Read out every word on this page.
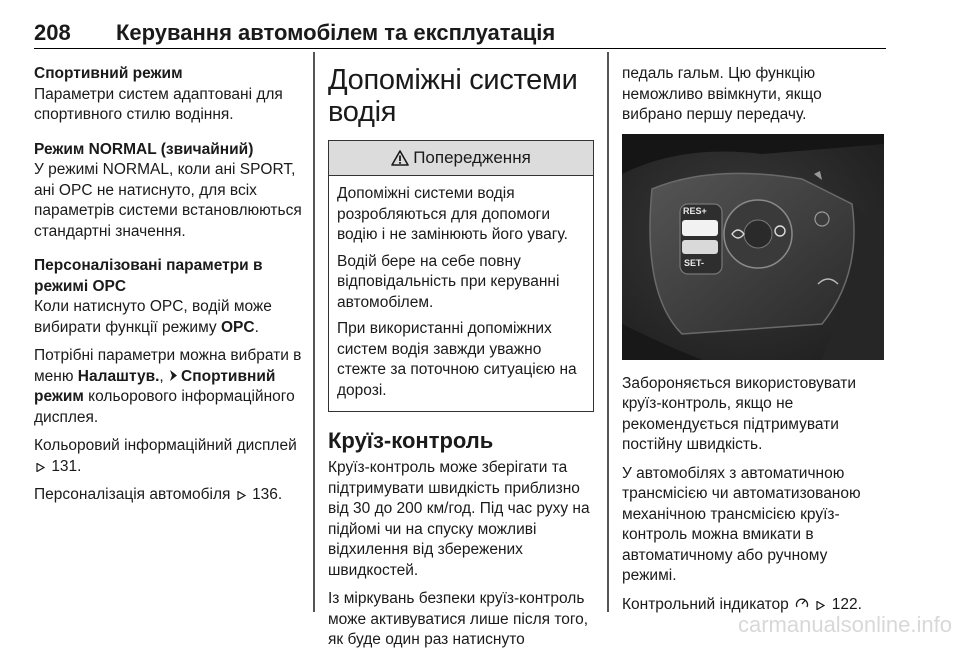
208 Керування автомобілем та експлуатація

Спортивний режим
Параметри систем адаптовані для спортивного стилю водіння.

Режим NORMAL (звичайний)
У режимі NORMAL, коли ані SPORT, ані OPC не натиснуто, для всіх параметрів системи встановлюються стандартні значення.

Персоналізовані параметри в режимі OPC
Коли натиснуто OPC, водій може вибирати функції режиму OPC.

Потрібні параметри можна вибрати в меню Налаштув., Спортивний режим кольорового інформаційного дисплея.

Кольоровий інформаційний дисплей  131.

Персоналізація автомобіля 136.

Допоміжні системи водія
Попередження

Допоміжні системи водія розробляються для допомоги водію і не замінюють його увагу.

Водій бере на себе повну відповідальність при керуванні автомобілем.

При використанні допоміжних систем водія завжди уважно стежте за поточною ситуацією на дорозі.

Круїз-контроль

Круїз-контроль може зберігати та підтримувати швидкість приблизно від 30 до 200 км/год. Під час руху на підйомі чи на спуску можливі відхилення від збережених швидкостей.

Із міркувань безпеки круїз-контроль може активуватися лише після того, як буде один раз натиснуто

педаль гальм. Цю функцію неможливо ввімкнути, якщо вибрано першу передачу.

RES+
SET-

Забороняється використовувати круїз-контроль, якщо не рекомендується підтримувати постійну швидкість.

У автомобілях з автоматичною трансмісією чи автоматизованою механічною трансмісією круїз-контроль можна вмикати в автоматичному або ручному режимі.

Контрольний індикатор	122.

carmanualsonline.info
